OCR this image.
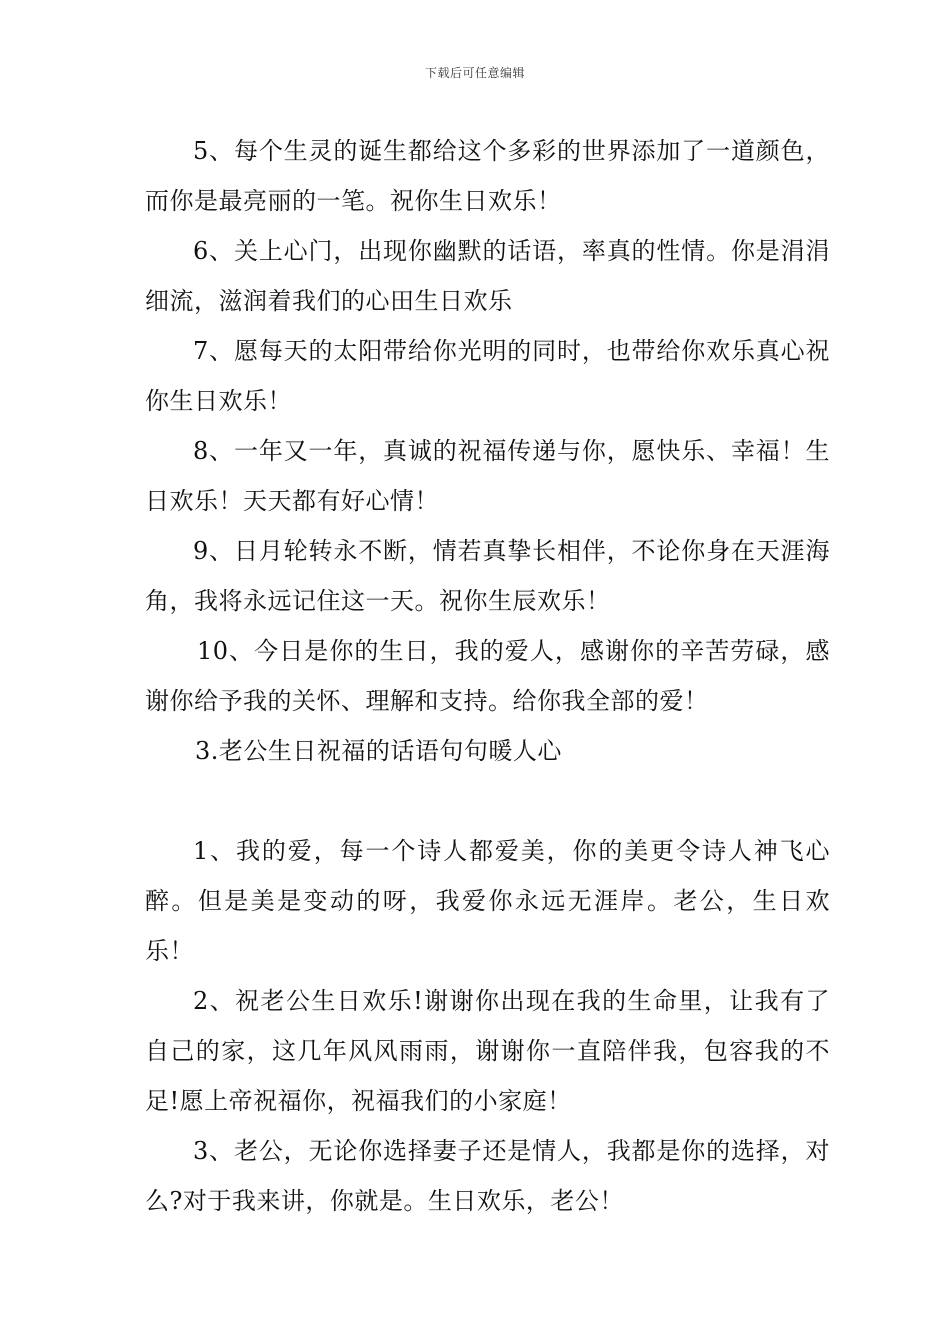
下载后可任意编辑

5、每个生灵的诞生都给这个多彩的世界添加了一道颜色，而你是最亮丽的一笔。祝你生日欢乐！

6、关上心门，出现你幽默的话语，率真的性情。你是涓涓细流，滋润着我们的心田生日欢乐

7、愿每天的太阳带给你光明的同时，也带给你欢乐真心祝你生日欢乐！

8、一年又一年，真诚的祝福传递与你，愿快乐、幸福！生日欢乐！天天都有好心情！

9、日月轮转永不断，情若真挚长相伴，不论你身在天涯海角，我将永远记住这一天。祝你生辰欢乐！

10、今日是你的生日，我的爱人，感谢你的辛苦劳碌，感谢你给予我的关怀、理解和支持。给你我全部的爱！

3.老公生日祝福的话语句句暖人心

1、我的爱，每一个诗人都爱美，你的美更令诗人神飞心醉。但是美是变动的呀，我爱你永远无涯岸。老公，生日欢乐！

2、祝老公生日欢乐!谢谢你出现在我的生命里，让我有了自己的家，这几年风风雨雨，谢谢你一直陪伴我，包容我的不足!愿上帝祝福你，祝福我们的小家庭！

3、老公，无论你选择妻子还是情人，我都是你的选择，对么?对于我来讲，你就是。生日欢乐，老公！
